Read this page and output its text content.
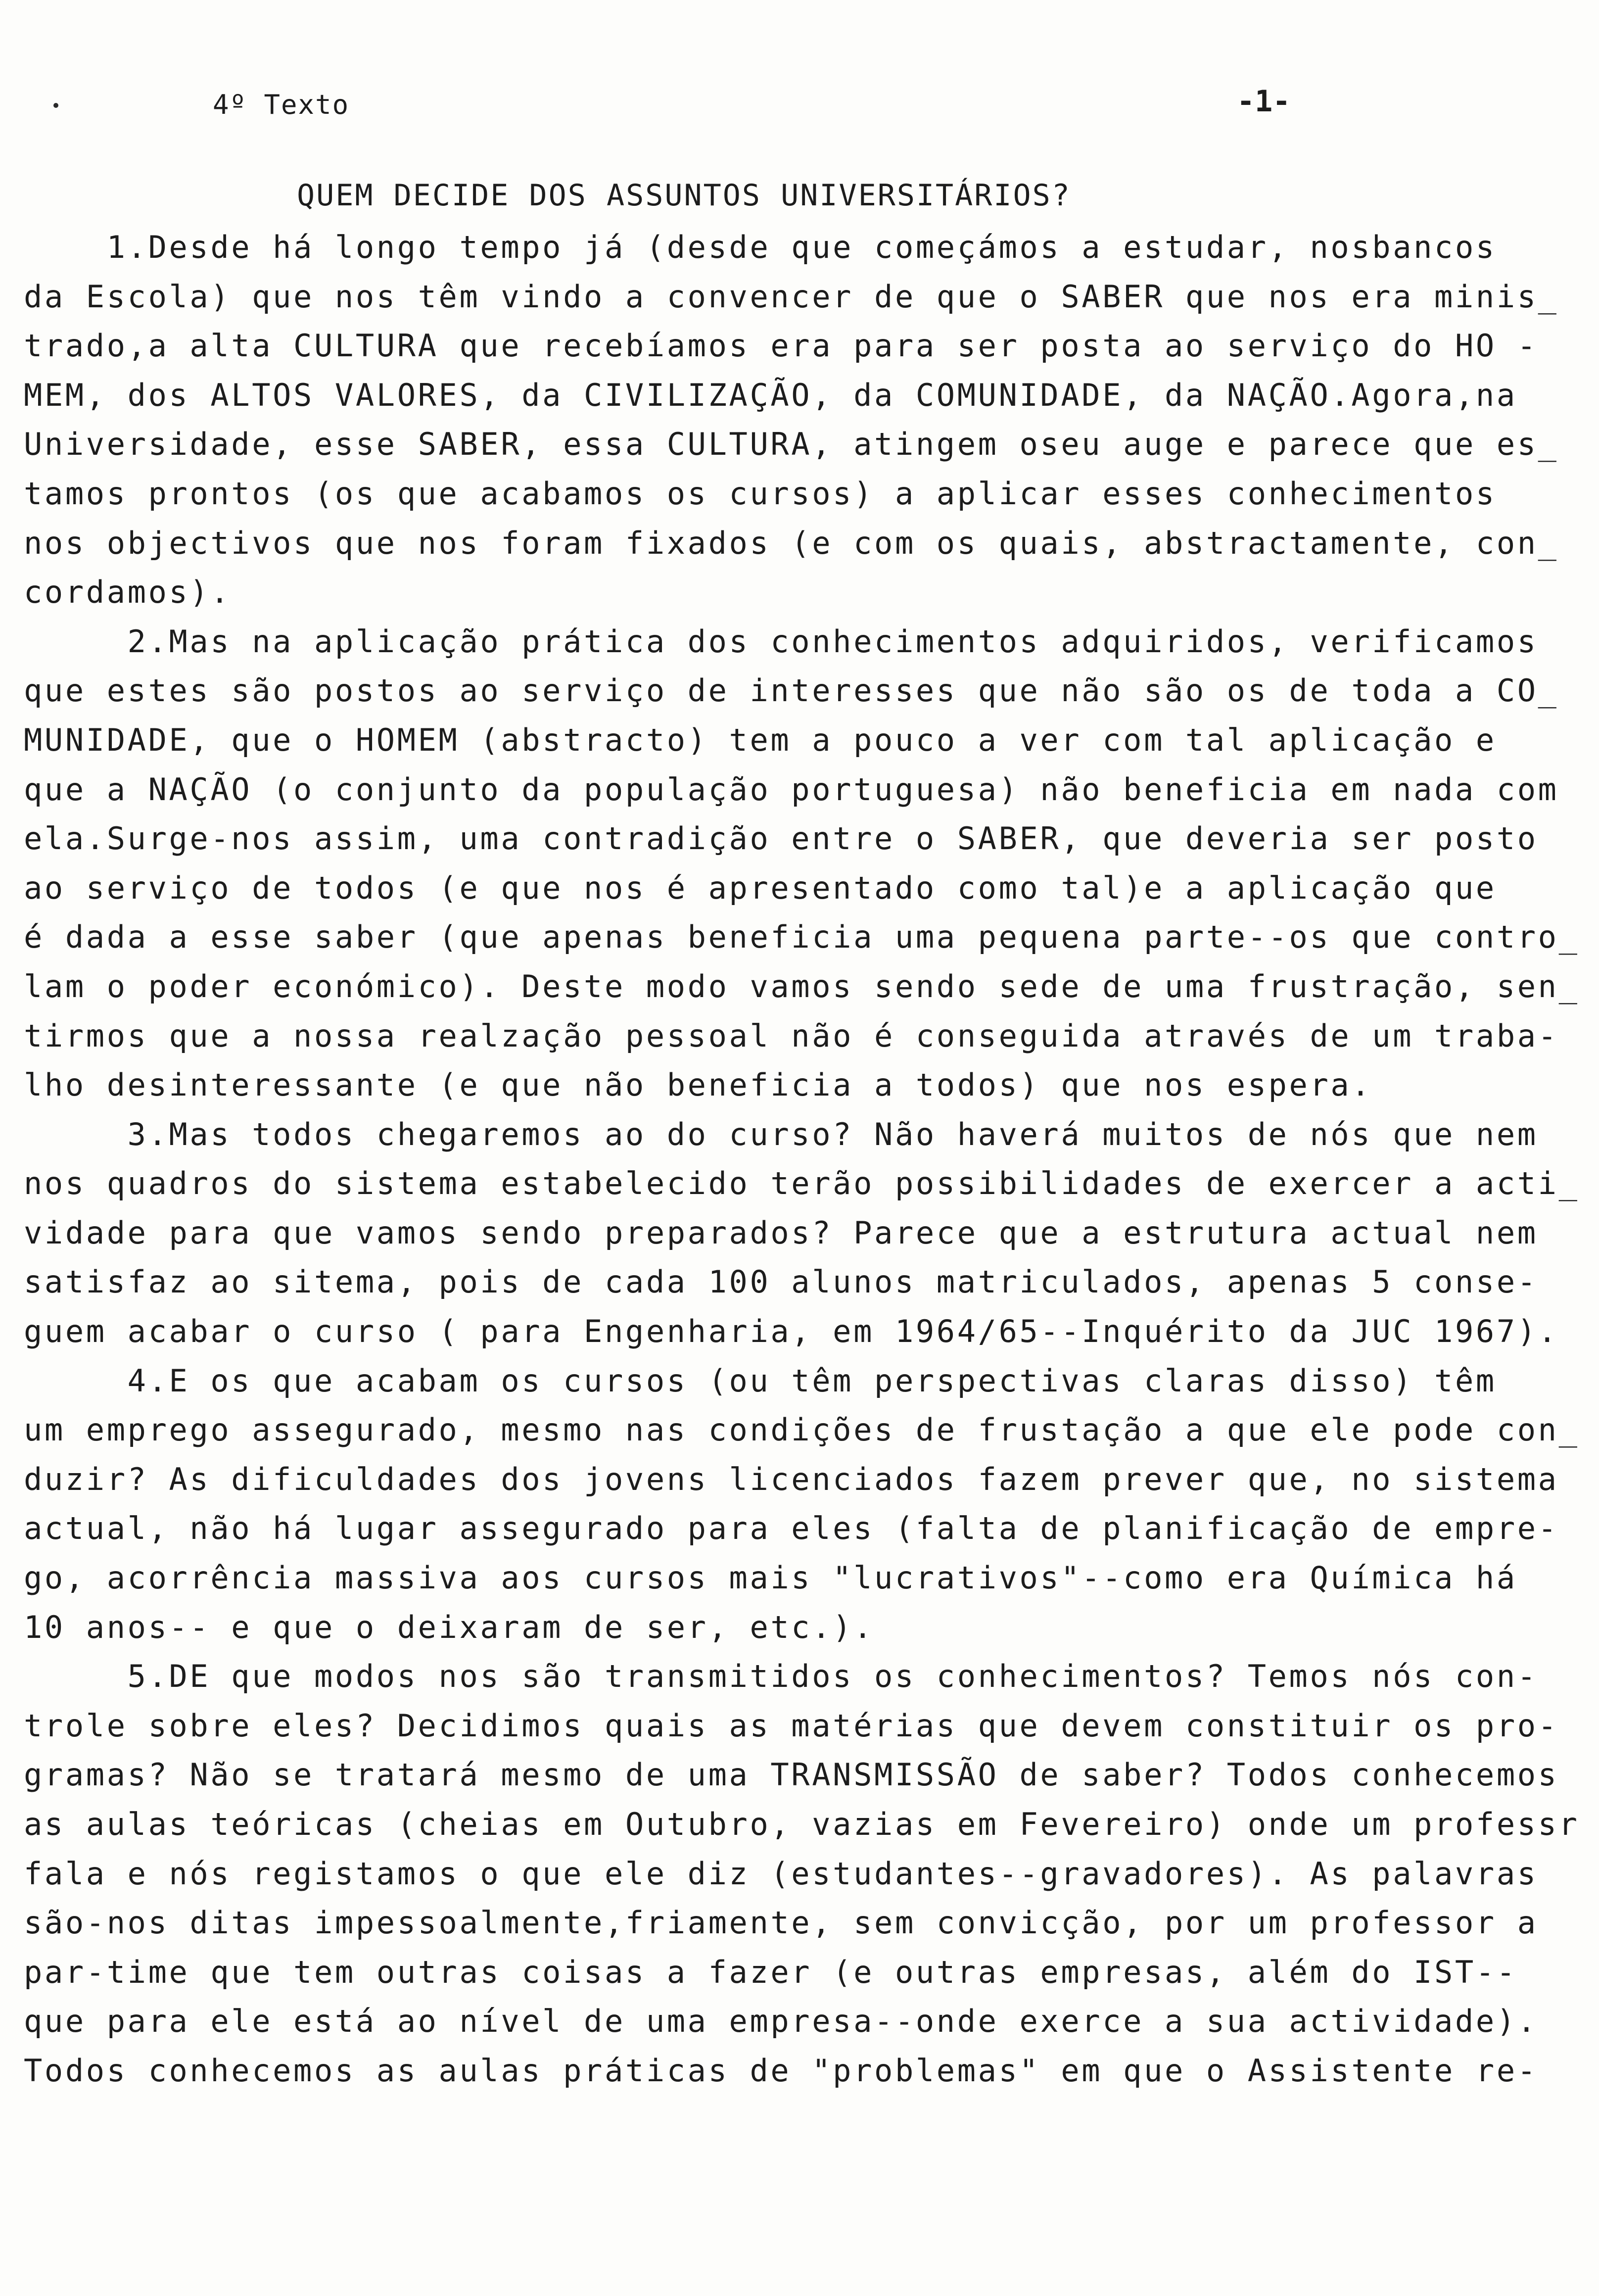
4º Texto	-1-
QUEM DECIDE DOS ASSUNTOS UNIVERSITÁRIOS?
1.Desde há longo tempo já (desde que começámos a estudar, nosbancos
da Escola) que nos têm vindo a convencer de que o SABER que nos era minis_
trado,a alta CULTURA que recebíamos era para ser posta ao serviço do HO -
MEM, dos ALTOS VALORES, da CIVILIZAÇÃO, da COMUNIDADE, da NAÇÃO.Agora,na
Universidade, esse SABER, essa CULTURA, atingem oseu auge e parece que es_
tamos prontos (os que acabamos os cursos) a aplicar esses conhecimentos
nos objectivos que nos foram fixados (e com os quais, abstractamente, con_
cordamos).
2.Mas na aplicação prática dos conhecimentos adquiridos, verificamos
que estes são postos ao serviço de interesses que não são os de toda a CO_
MUNIDADE, que o HOMEM (abstracto) tem a pouco a ver com tal aplicação e
que a NAÇÃO (o conjunto da população portuguesa) não beneficia em nada com
ela.Surge-nos assim, uma contradição entre o SABER, que deveria ser posto
ao serviço de todos (e que nos é apresentado como tal)e a aplicação que
é dada a esse saber (que apenas beneficia uma pequena parte--os que contro_
lam o poder económico). Deste modo vamos sendo sede de uma frustração, sen_
tirmos que a nossa realzação pessoal não é conseguida através de um traba-
lho desinteressante (e que não beneficia a todos) que nos espera.
3.Mas todos chegaremos ao do curso? Não haverá muitos de nós que nem
nos quadros do sistema estabelecido terão possibilidades de exercer a acti_
vidade para que vamos sendo preparados? Parece que a estrutura actual nem
satisfaz ao sitema, pois de cada 100 alunos matriculados, apenas 5 conse-
guem acabar o curso ( para Engenharia, em 1964/65--Inquérito da JUC 1967).
4.E os que acabam os cursos (ou têm perspectivas claras disso) têm
um emprego assegurado, mesmo nas condições de frustação a que ele pode con_
duzir? As dificuldades dos jovens licenciados fazem prever que, no sistema
actual, não há lugar assegurado para eles (falta de planificação de empre-
go, acorrência massiva aos cursos mais "lucrativos"--como era Química há
10 anos-- e que o deixaram de ser, etc.).
5.DE que modos nos são transmitidos os conhecimentos? Temos nós con-
trole sobre eles? Decidimos quais as matérias que devem constituir os pro-
gramas? Não se tratará mesmo de uma TRANSMISSÃO de saber? Todos conhecemos
as aulas teóricas (cheias em Outubro, vazias em Fevereiro) onde um professr
fala e nós registamos o que ele diz (estudantes--gravadores). As palavras
são-nos ditas impessoalmente,friamente, sem convicção, por um professor a
par-time que tem outras coisas a fazer (e outras empresas, além do IST--
que para ele está ao nível de uma empresa--onde exerce a sua actividade).
Todos conhecemos as aulas práticas de "problemas" em que o Assistente re-
